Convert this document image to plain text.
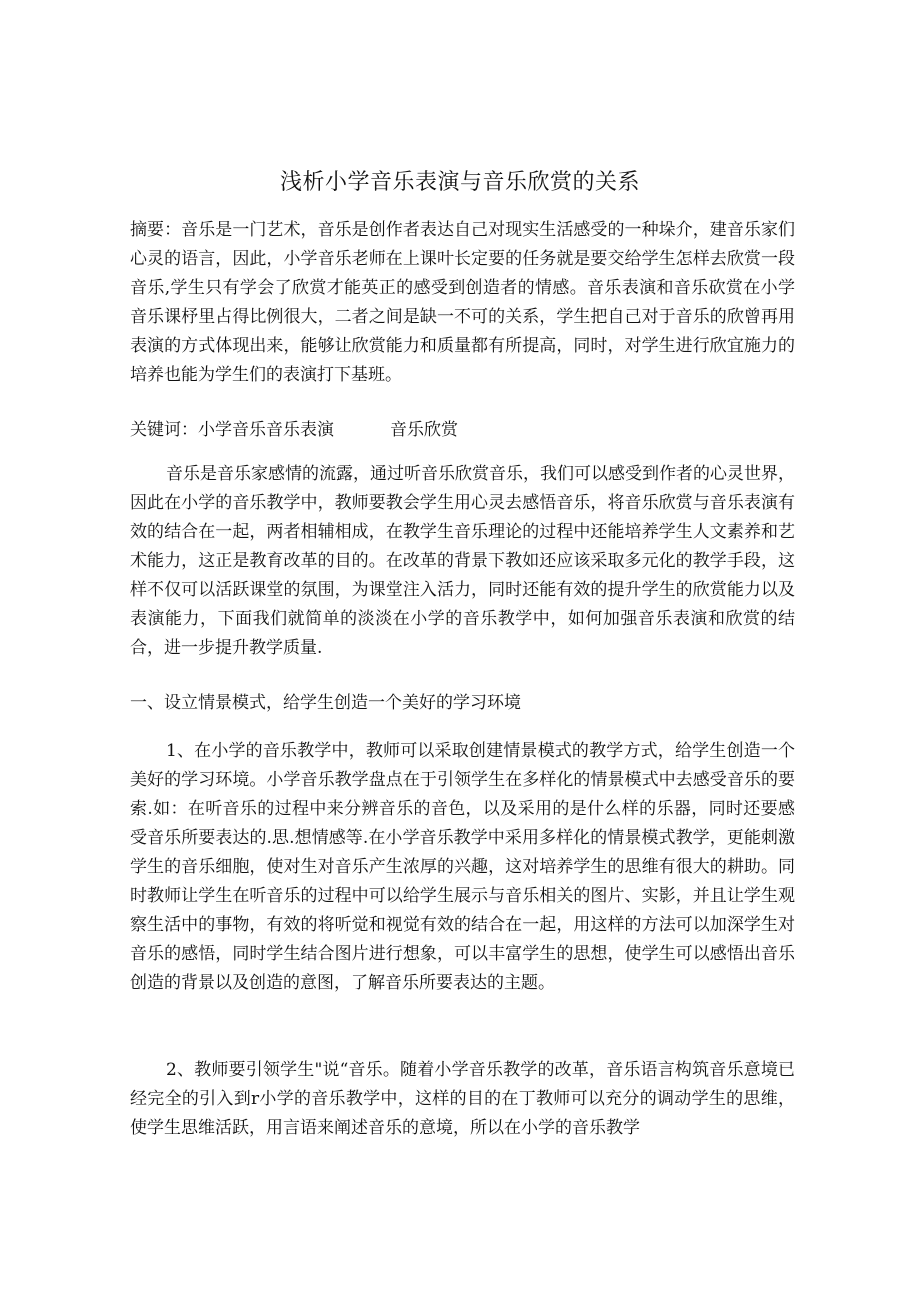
浅析小学音乐表演与音乐欣赏的关系
摘要：音乐是一门艺术，音乐是创作者表达自己对现实生活感受的一种垛介，建音乐家们心灵的语言，因此，小学音乐老师在上课叶长定要的任务就是要交给学生怎样去欣赏一段音乐,学生只有学会了欣赏才能英正的感受到创造者的情感。音乐表演和音乐砍赏在小学音乐课杼里占得比例很大，二者之间是缺一不可的关系，学生把自己对于音乐的欣曾再用表演的方式体现出来，能够让欣赏能力和质量都有所提高，同时，对学生进行欣宜施力的培养也能为学生们的表演打下基班。
关键诃：小学音乐音乐表演	音乐欣赏
音乐是音乐家感情的流露，通过听音乐欣赏音乐，我们可以感受到作者的心灵世界，因此在小学的音乐教学中，教师要教会学生用心灵去感悟音乐，将音乐欣赏与音乐表演有效的结合在一起，两者相辅相成，在教学生音乐理论的过程中还能培养学生人文素养和艺术能力，这正是教育改革的目的。在改革的背景下教如还应该采取多元化的教学手段，这样不仅可以活跃课堂的氛围，为课堂注入活力，同时还能有效的提升学生的欣赏能力以及表演能力，下面我们就简单的淡淡在小学的音乐教学中，如何加强音乐表演和欣赏的结合，进一步提升教学质量.
一、设立情景模式，给学生创造一个美好的学习环境
1、在小学的音乐教学中，教师可以采取创建情景模式的教学方式，给学生创造一个美好的学习环境。小学音乐教学盘点在于引领学生在多样化的情景模式中去感受音乐的要索.如：在听音乐的过程中来分辨音乐的音色，以及采用的是什么样的乐器，同时还要感受音乐所要表达的.思.想情感等.在小学音乐教学中采用多样化的情景模式教学，更能刺激学生的音乐细胞，使对生对音乐产生浓厚的兴趣，这对培养学生的思维有很大的耕助。同时教师让学生在听音乐的过程中可以给学生展示与音乐相关的图片、实影，并且让学生观察生活中的事物，有效的将听觉和视觉有效的结合在一起，用这样的方法可以加深学生对音乐的感悟，同时学生结合图片进行想象，可以丰富学生的思想，使学生可以感悟出音乐创造的背景以及创造的意图，了解音乐所要表达的主题。
2、教师要引领学生"说“音乐。随着小学音乐教学的改革，音乐语言构筑音乐意境已经完全的引入到r小学的音乐教学中，这样的目的在丁教师可以充分的调动学生的思维，使学生思维活跃，用言语来阐述音乐的意境，所以在小学的音乐教学
